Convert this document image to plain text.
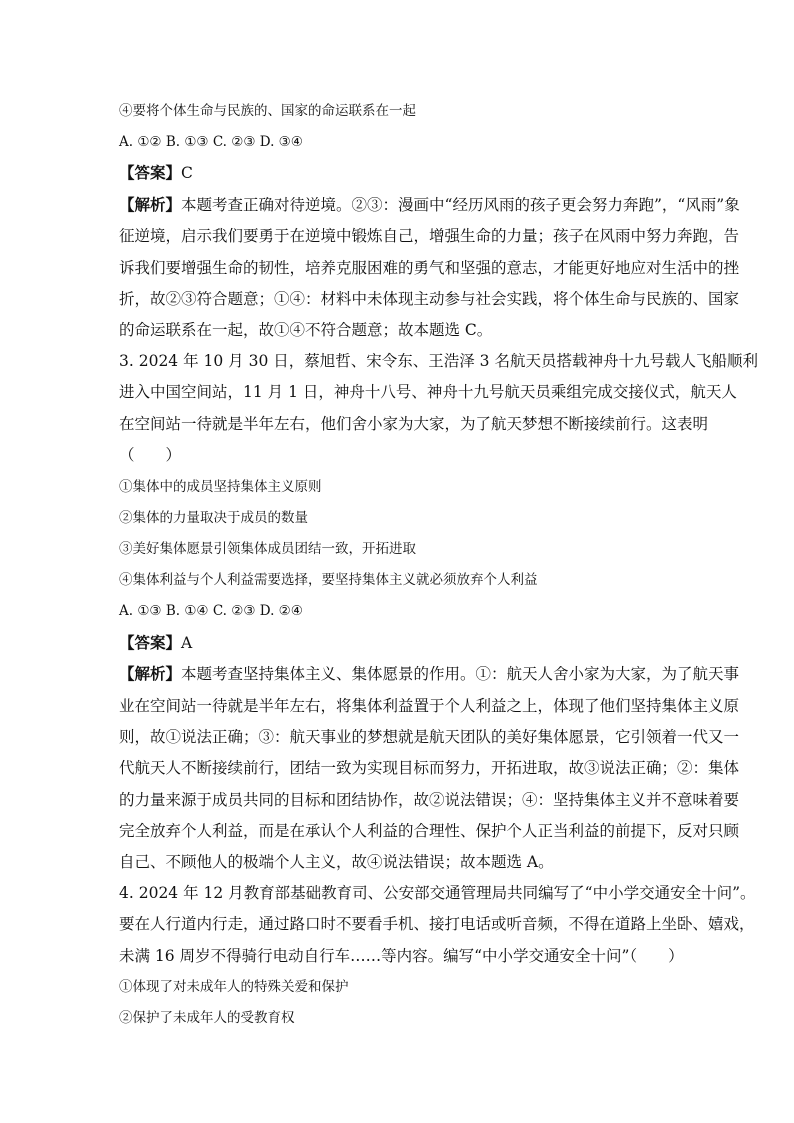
④要将个体生命与民族的、国家的命运联系在一起
A. ①② B. ①③ C. ②③ D. ③④
【答案】C
【解析】本题考查正确对待逆境。②③：漫画中“经历风雨的孩子更会努力奔跑”，“风雨”象
征逆境，启示我们要勇于在逆境中锻炼自己，增强生命的力量；孩子在风雨中努力奔跑，告
诉我们要增强生命的韧性，培养克服困难的勇气和坚强的意志，才能更好地应对生活中的挫
折，故②③符合题意；①④：材料中未体现主动参与社会实践，将个体生命与民族的、国家
的命运联系在一起，故①④不符合题意；故本题选 C。
3. 2024 年 10 月 30 日，蔡旭哲、宋令东、王浩泽 3 名航天员搭载神舟十九号载人飞船顺利
进入中国空间站，11 月 1 日，神舟十八号、神舟十九号航天员乘组完成交接仪式，航天人
在空间站一待就是半年左右，他们舍小家为大家，为了航天梦想不断接续前行。这表明
（　　）
①集体中的成员坚持集体主义原则
②集体的力量取决于成员的数量
③美好集体愿景引领集体成员团结一致，开拓进取
④集体利益与个人利益需要选择，要坚持集体主义就必须放弃个人利益
A. ①③ B. ①④ C. ②③ D. ②④
【答案】A
【解析】本题考查坚持集体主义、集体愿景的作用。①：航天人舍小家为大家，为了航天事
业在空间站一待就是半年左右，将集体利益置于个人利益之上，体现了他们坚持集体主义原
则，故①说法正确；③：航天事业的梦想就是航天团队的美好集体愿景，它引领着一代又一
代航天人不断接续前行，团结一致为实现目标而努力，开拓进取，故③说法正确；②：集体
的力量来源于成员共同的目标和团结协作，故②说法错误；④：坚持集体主义并不意味着要
完全放弃个人利益，而是在承认个人利益的合理性、保护个人正当利益的前提下，反对只顾
自己、不顾他人的极端个人主义，故④说法错误；故本题选 A。
4. 2024 年 12 月教育部基础教育司、公安部交通管理局共同编写了“中小学交通安全十问”。
要在人行道内行走，通过路口时不要看手机、接打电话或听音频，不得在道路上坐卧、嬉戏，
未满 16 周岁不得骑行电动自行车……等内容。编写“中小学交通安全十问”（　　）
①体现了对未成年人的特殊关爱和保护
②保护了未成年人的受教育权
